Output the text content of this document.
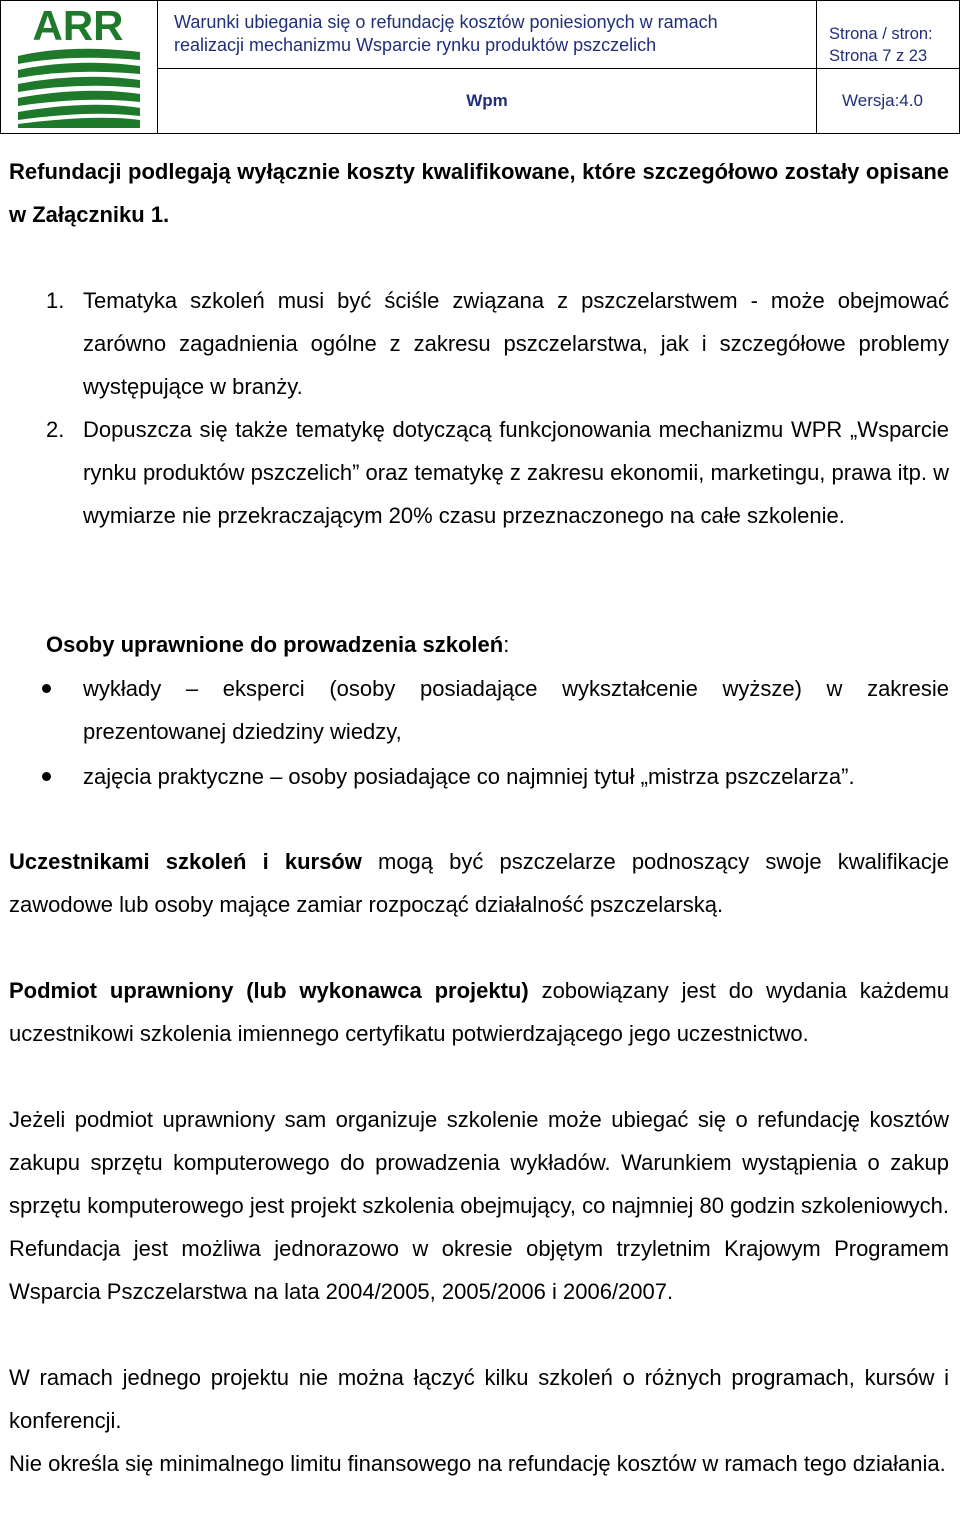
ARR	Warunki ubiegania się o refundację kosztów poniesionych w ramach
realizacji mechanizmu Wsparcie rynku produktów pszczelich
Strona / stron:
Strona 7 z 23
Wpm	Wersja:4.0
Refundacji podlegają wyłącznie koszty kwalifikowane, które szczegółowo zostały opisane w Załączniku 1.
1. Tematyka szkoleń musi być ściśle związana z pszczelarstwem - może obejmować zarówno zagadnienia ogólne z zakresu pszczelarstwa, jak i szczegółowe problemy występujące w branży.
2. Dopuszcza się także tematykę dotyczącą funkcjonowania mechanizmu WPR „Wsparcie rynku produktów pszczelich” oraz tematykę z zakresu ekonomii, marketingu, prawa itp. w wymiarze nie przekraczającym 20% czasu przeznaczonego na całe szkolenie.
Osoby uprawnione do prowadzenia szkoleń:
wykłady – eksperci (osoby posiadające wykształcenie wyższe) w zakresie prezentowanej dziedziny wiedzy,
zajęcia praktyczne – osoby posiadające co najmniej tytuł „mistrza pszczelarza”.
Uczestnikami szkoleń i kursów mogą być pszczelarze podnoszący swoje kwalifikacje zawodowe lub osoby mające zamiar rozpocząć działalność pszczelarską.
Podmiot uprawniony (lub wykonawca projektu) zobowiązany jest do wydania każdemu uczestnikowi szkolenia imiennego certyfikatu potwierdzającego jego uczestnictwo.
Jeżeli podmiot uprawniony sam organizuje szkolenie może ubiegać się o refundację kosztów zakupu sprzętu komputerowego do prowadzenia wykładów. Warunkiem wystąpienia o zakup sprzętu komputerowego jest projekt szkolenia obejmujący, co najmniej 80 godzin szkoleniowych. Refundacja jest możliwa jednorazowo w okresie objętym trzyletnim Krajowym Programem Wsparcia Pszczelarstwa na lata 2004/2005, 2005/2006 i 2006/2007.
W ramach jednego projektu nie można łączyć kilku szkoleń o różnych programach, kursów i konferencji.
Nie określa się minimalnego limitu finansowego na refundację kosztów w ramach tego działania.
